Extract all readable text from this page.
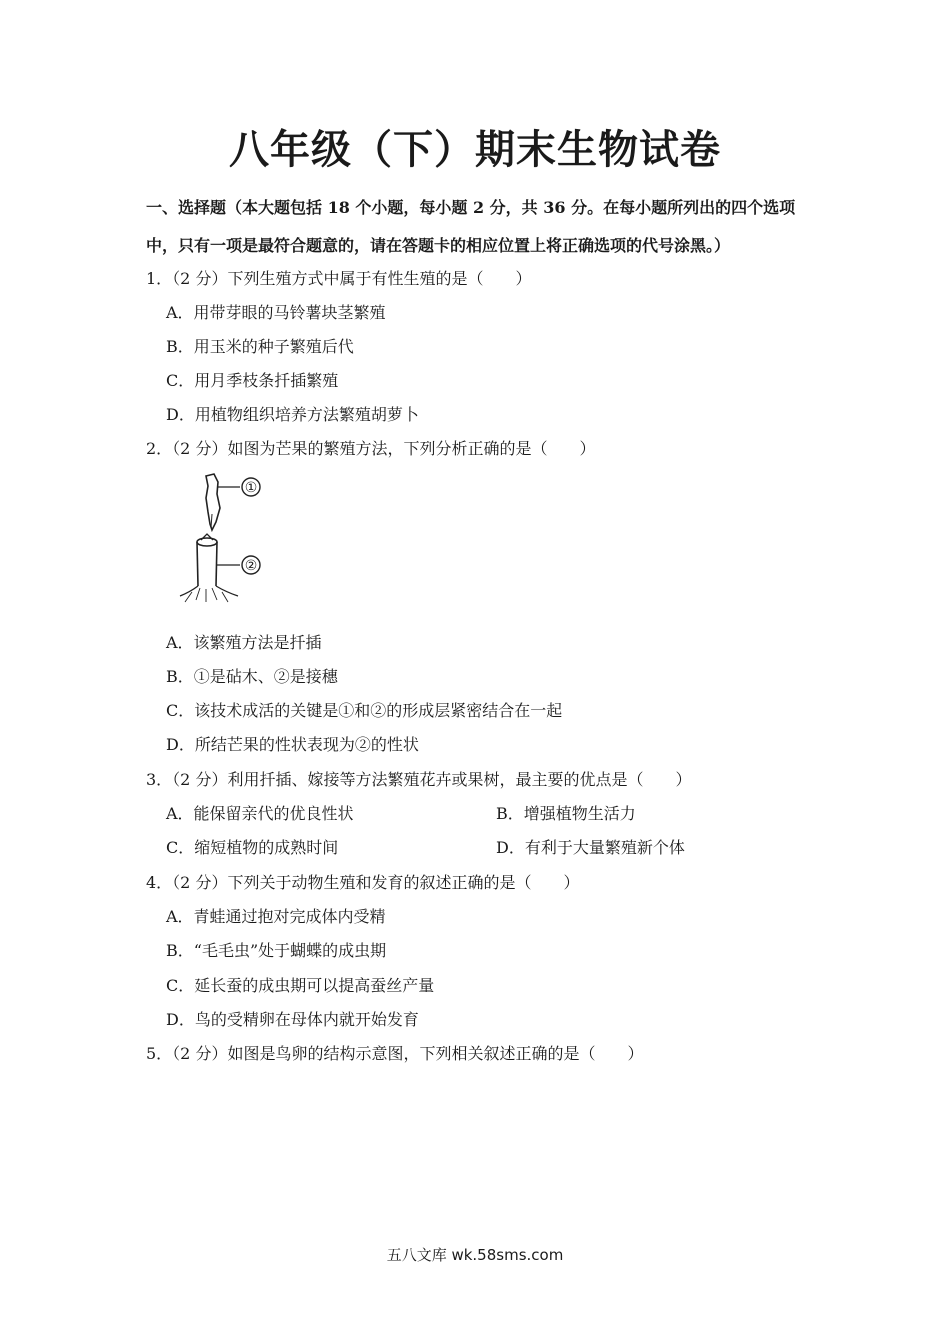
八年级（下）期末生物试卷
一、选择题（本大题包括 18 个小题，每小题 2 分，共 36 分。在每小题所列出的四个选项
中，只有一项是最符合题意的，请在答题卡的相应位置上将正确选项的代号涂黑。）
1．（2 分）下列生殖方式中属于有性生殖的是（　　）
A．用带芽眼的马铃薯块茎繁殖
B．用玉米的种子繁殖后代
C．用月季枝条扦插繁殖
D．用植物组织培养方法繁殖胡萝卜
2．（2 分）如图为芒果的繁殖方法，下列分析正确的是（　　）
①
②
A．该繁殖方法是扦插
B．①是砧木、②是接穗
C．该技术成活的关键是①和②的形成层紧密结合在一起
D．所结芒果的性状表现为②的性状
3．（2 分）利用扦插、嫁接等方法繁殖花卉或果树，最主要的优点是（　　）
A．能保留亲代的优良性状	B．增强植物生活力
C．缩短植物的成熟时间	D．有利于大量繁殖新个体
4．（2 分）下列关于动物生殖和发育的叙述正确的是（　　）
A．青蛙通过抱对完成体内受精
B．“毛毛虫”处于蝴蝶的成虫期
C．延长蚕的成虫期可以提高蚕丝产量
D．鸟的受精卵在母体内就开始发育
5．（2 分）如图是鸟卵的结构示意图，下列相关叙述正确的是（　　）
五八文库 wk.58sms.com
